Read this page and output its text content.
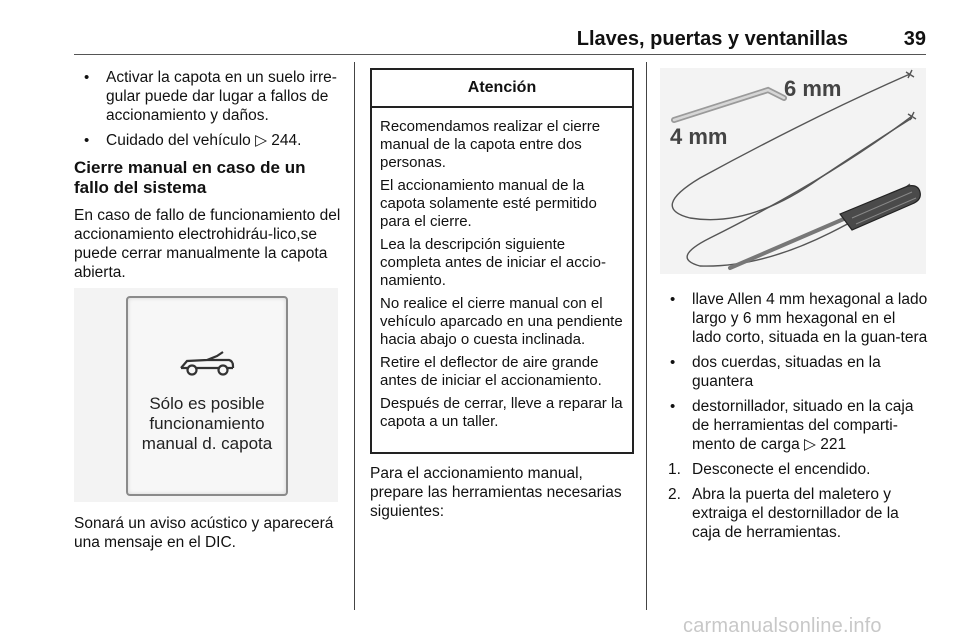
Llaves, puertas y ventanillas	39
• Activar la capota en un suelo irre-gular puede dar lugar a fallos de accionamiento y daños.
• Cuidado del vehículo ▷ 244.
Cierre manual en caso de un fallo del sistema

En caso de fallo de funcionamiento del accionamiento electrohidráu-lico,se puede cerrar manualmente la capota abierta.

Sólo es posible
funcionamiento
manual d. capota

Sonará un aviso acústico y aparecerá una mensaje en el DIC.

Atención

Recomendamos realizar el cierre manual de la capota entre dos personas.

El accionamiento manual de la capota solamente esté permitido para el cierre.

Lea la descripción siguiente completa antes de iniciar el accio-namiento.

No realice el cierre manual con el vehículo aparcado en una pendiente hacia abajo o cuesta inclinada.

Retire el deflector de aire grande antes de iniciar el accionamiento.

Después de cerrar, lleve a reparar la capota a un taller.

Para el accionamiento manual, prepare las herramientas necesarias siguientes:

6 mm
4 mm
• llave Allen 4 mm hexagonal a lado largo y 6 mm hexagonal en el lado corto, situada en la guan-tera
• dos cuerdas, situadas en la guantera
• destornillador, situado en la caja de herramientas del comparti-mento de carga ▷ 221
1. Desconecte el encendido.
2. Abra la puerta del maletero y extraiga el destornillador de la caja de herramientas.
carmanualsonline.info
